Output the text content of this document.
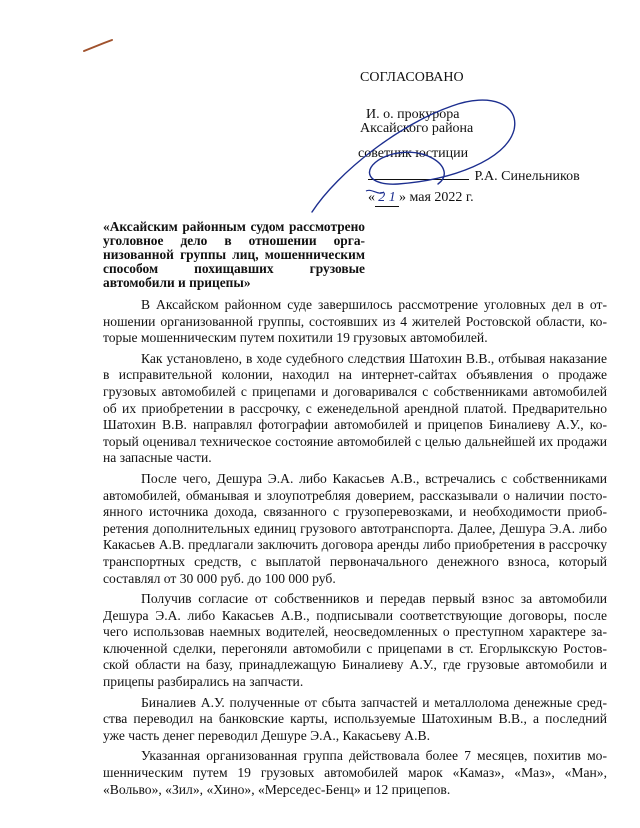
СОГЛАСОВАНО
И. о. прокурора
Аксайского района
советник юстиции
Р.А. Синельников
« 2 1 » мая 2022 г.
«Аксайским районным судом рассмотрено уголовное дело в отношении организованной группы лиц, мошенническим способом похищавших грузовые автомобили и прицепы»

В Аксайском районном суде завершилось рассмотрение уголовных дел в отношении организованной группы, состоявших из 4 жителей Ростовской области, которые мошенническим путем похитили 19 грузовых автомобилей.

Как установлено, в ходе судебного следствия Шатохин В.В., отбывая наказание в исправительной колонии, находил на интернет-сайтах объявления о продаже грузовых автомобилей с прицепами и договаривался с собственниками автомобилей об их приобретении в рассрочку, с еженедельной арендной платой. Предварительно Шатохин В.В. направлял фотографии автомобилей и прицепов Биналиеву А.У., который оценивал техническое состояние автомобилей с целью дальнейшей их продажи на запасные части.

После чего, Дешура Э.А. либо Какасьев А.В., встречались с собственниками автомобилей, обманывая и злоупотребляя доверием, рассказывали о наличии постоянного источника дохода, связанного с грузоперевозками, и необходимости приобретения дополнительных единиц грузового автотранспорта. Далее, Дешура Э.А. либо Какасьев А.В. предлагали заключить договора аренды либо приобретения в рассрочку транспортных средств, с выплатой первоначального денежного взноса, который составлял от 30 000 руб. до 100 000 руб.

Получив согласие от собственников и передав первый взнос за автомобили Дешура Э.А. либо Какасьев А.В., подписывали соответствующие договоры, после чего использовав наемных водителей, неосведомленных о преступном характере заключенной сделки, перегоняли автомобили с прицепами в ст. Егорлыкскую Ростовской области на базу, принадлежащую Биналиеву А.У., где грузовые автомобили и прицепы разбирались на запчасти.

Биналиев А.У. полученные от сбыта запчастей и металлолома денежные средства переводил на банковские карты, используемые Шатохиным В.В., а последний уже часть денег переводил Дешуре Э.А., Какасьеву А.В.

Указанная организованная группа действовала более 7 месяцев, похитив мошенническим путем 19 грузовых автомобилей марок «Камаз», «Маз», «Ман», «Вольво», «Зил», «Хино», «Мерседес-Бенц» и 12 прицепов.
